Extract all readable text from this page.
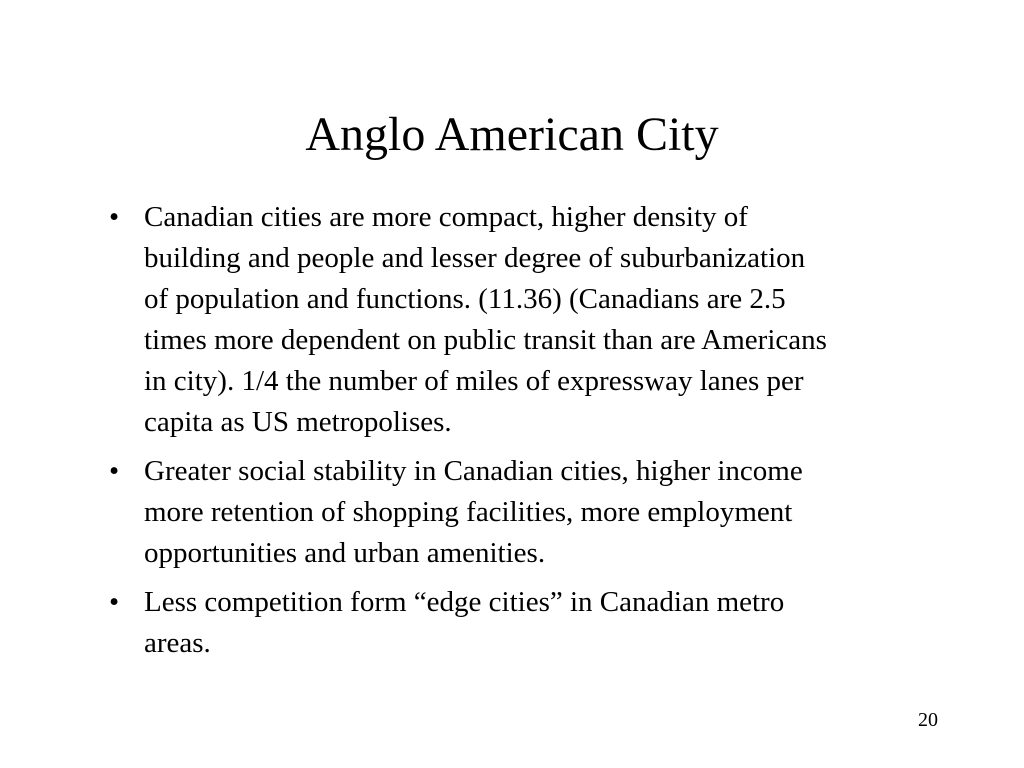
Anglo American City
• Canadian cities are more compact, higher density of
building and people and lesser degree of suburbanization
of population and functions. (11.36) (Canadians are 2.5
times more dependent on public transit than are Americans
in city). 1/4 the number of miles of expressway lanes per
capita as US metropolises.
• Greater social stability in Canadian cities, higher income
more retention of shopping facilities, more employment
opportunities and urban amenities.
• Less competition form “edge cities” in Canadian metro
areas.
20
